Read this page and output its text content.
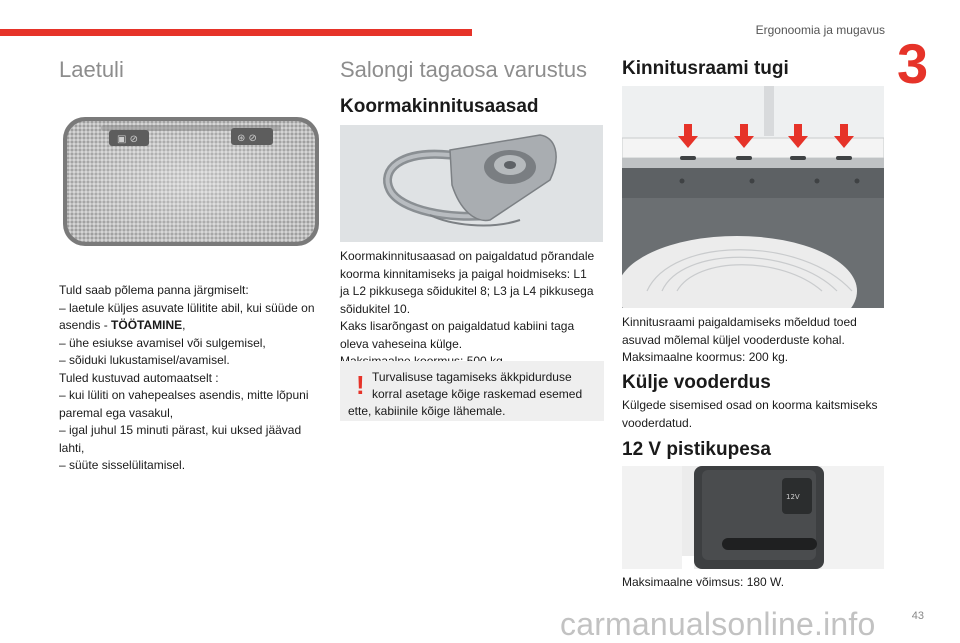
Ergonoomia ja mugavus
3
Laetuli
▣ ⊘	⊛ ⊘
Tuld saab põlema panna järgmiselt:
– laetule küljes asuvate lülitite abil, kui süüde on
asendis - TÖÖTAMINE,
– ühe esiukse avamisel või sulgemisel,
– sõiduki lukustamisel/avamisel.
Tuled kustuvad automaatselt :
– kui lüliti on vahepealses asendis, mitte lõpuni
paremal ega vasakul,
– igal juhul 15 minuti pärast, kui uksed jäävad
lahti,
– süüte sisselülitamisel.
Salongi tagaosa varustus
Koormakinnitusaasad
Koormakinnitusaasad on paigaldatud põrandale
koorma kinnitamiseks ja paigal hoidmiseks: L1
ja L2 pikkusega sõidukitel 8; L3 ja L4 pikkusega
sõidukitel 10.
Kaks lisarõngast on paigaldatud kabiini taga
oleva vaheseina külge.
! Turvalisuse tagamiseks äkkpidurduse
korral asetage kõige raskemad esemed
ette, kabiinile kõige lähemale.
Kinnitusraami tugi
Kinnitusraami paigaldamiseks mõeldud toed
asuvad mõlemal küljel vooderduste kohal.
Maksimaalne koormus: 200 kg.
Külje vooderdus
Külgede sisemised osad on koorma kaitsmiseks
vooderdatud.
12 V pistikupesa
12V
Maksimaalne võimsus: 180 W.
carmanualsonline.info	43
